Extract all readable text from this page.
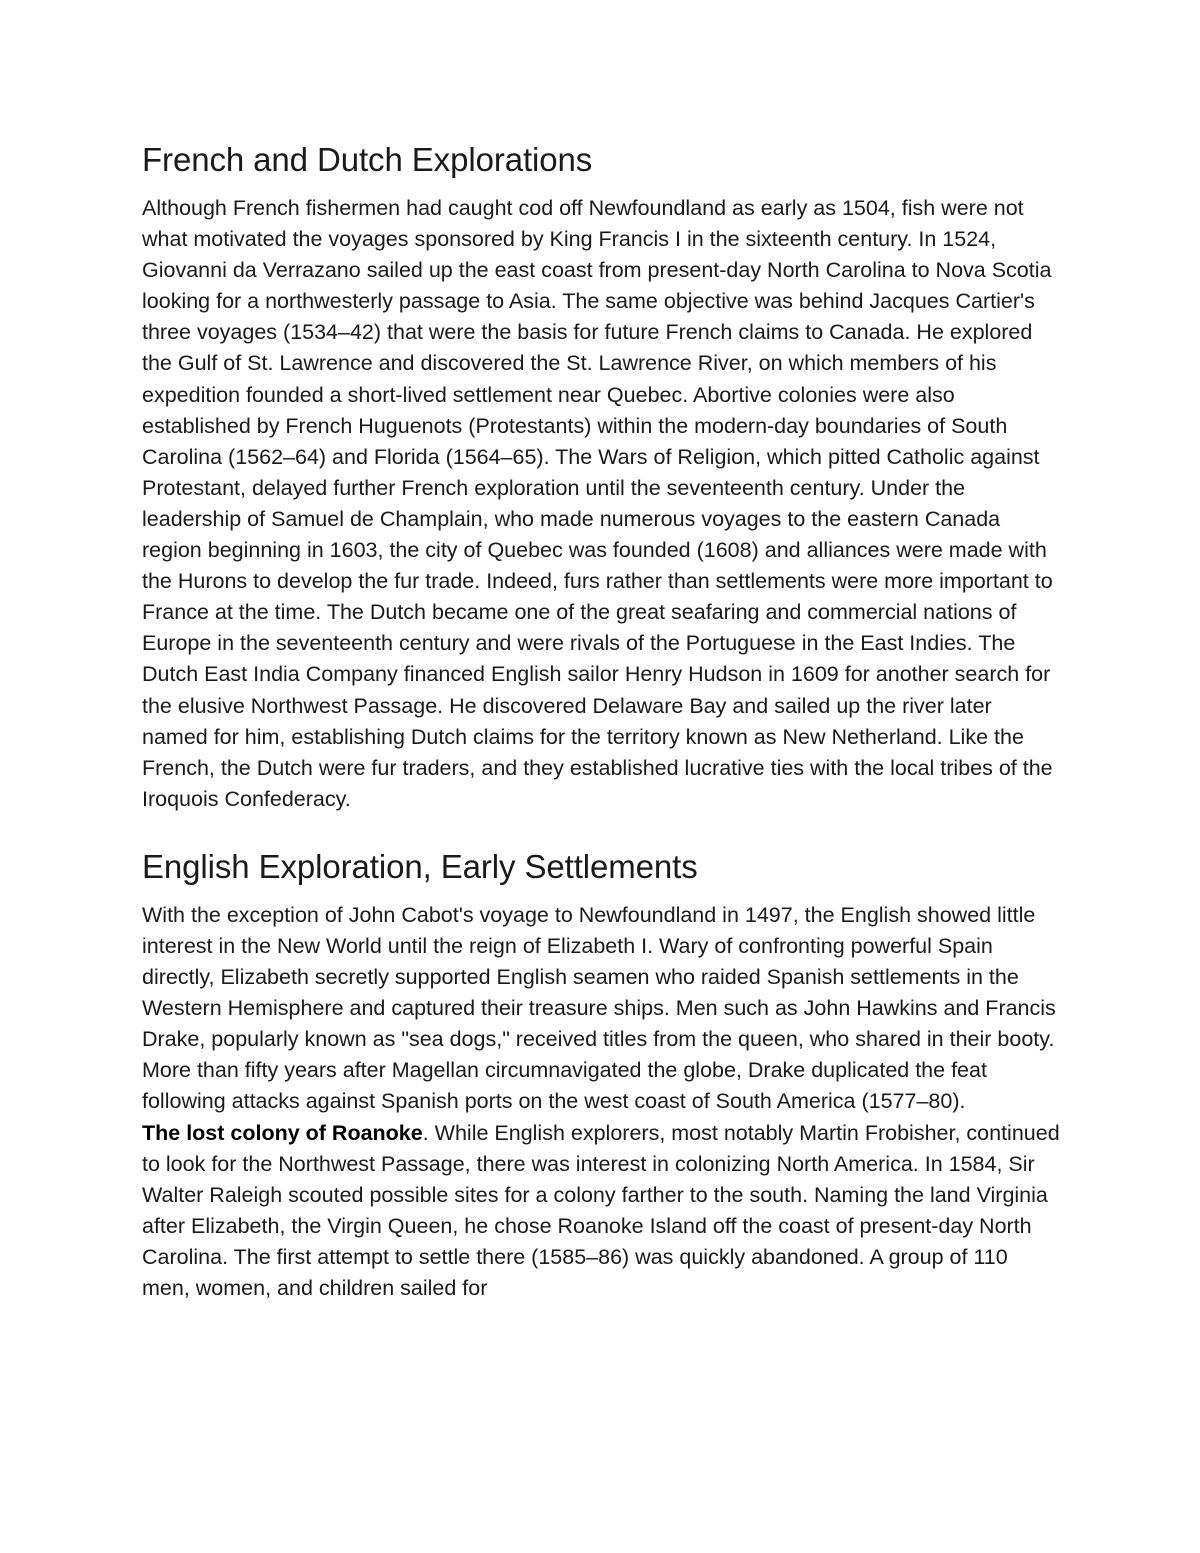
French and Dutch Explorations

Although French fishermen had caught cod off Newfoundland as early as 1504, fish were not what motivated the voyages sponsored by King Francis I in the sixteenth century. In 1524, Giovanni da Verrazano sailed up the east coast from present-day North Carolina to Nova Scotia looking for a northwesterly passage to Asia. The same objective was behind Jacques Cartier's three voyages (1534–42) that were the basis for future French claims to Canada. He explored the Gulf of St. Lawrence and discovered the St. Lawrence River, on which members of his expedition founded a short-lived settlement near Quebec. Abortive colonies were also established by French Huguenots (Protestants) within the modern-day boundaries of South Carolina (1562–64) and Florida (1564–65). The Wars of Religion, which pitted Catholic against Protestant, delayed further French exploration until the seventeenth century. Under the leadership of Samuel de Champlain, who made numerous voyages to the eastern Canada region beginning in 1603, the city of Quebec was founded (1608) and alliances were made with the Hurons to develop the fur trade. Indeed, furs rather than settlements were more important to France at the time. The Dutch became one of the great seafaring and commercial nations of Europe in the seventeenth century and were rivals of the Portuguese in the East Indies. The Dutch East India Company financed English sailor Henry Hudson in 1609 for another search for the elusive Northwest Passage. He discovered Delaware Bay and sailed up the river later named for him, establishing Dutch claims for the territory known as New Netherland. Like the French, the Dutch were fur traders, and they established lucrative ties with the local tribes of the Iroquois Confederacy.

English Exploration, Early Settlements

With the exception of John Cabot's voyage to Newfoundland in 1497, the English showed little interest in the New World until the reign of Elizabeth I. Wary of confronting powerful Spain directly, Elizabeth secretly supported English seamen who raided Spanish settlements in the Western Hemisphere and captured their treasure ships. Men such as John Hawkins and Francis Drake, popularly known as "sea dogs," received titles from the queen, who shared in their booty. More than fifty years after Magellan circumnavigated the globe, Drake duplicated the feat following attacks against Spanish ports on the west coast of South America (1577–80).

The lost colony of Roanoke. While English explorers, most notably Martin Frobisher, continued to look for the Northwest Passage, there was interest in colonizing North America. In 1584, Sir Walter Raleigh scouted possible sites for a colony farther to the south. Naming the land Virginia after Elizabeth, the Virgin Queen, he chose Roanoke Island off the coast of present-day North Carolina. The first attempt to settle there (1585–86) was quickly abandoned. A group of 110 men, women, and children sailed for
